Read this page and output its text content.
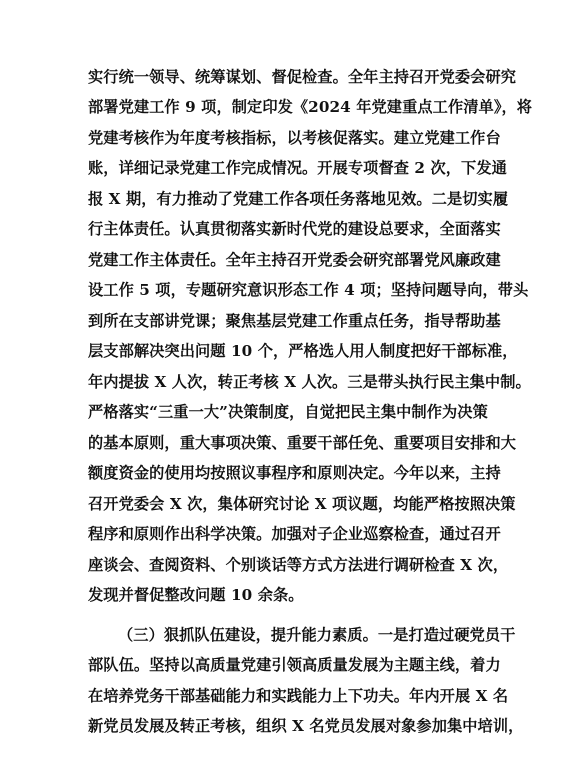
实行统一领导、统筹谋划、督促检查。全年主持召开党委会研究
部署党建工作 9 项，制定印发《2024 年党建重点工作清单》，将
党建考核作为年度考核指标，以考核促落实。建立党建工作台
账，详细记录党建工作完成情况。开展专项督查 2 次，下发通
报 X 期，有力推动了党建工作各项任务落地见效。二是切实履
行主体责任。认真贯彻落实新时代党的建设总要求，全面落实
党建工作主体责任。全年主持召开党委会研究部署党风廉政建
设工作 5 项，专题研究意识形态工作 4 项；坚持问题导向，带头
到所在支部讲党课；聚焦基层党建工作重点任务，指导帮助基
层支部解决突出问题 10 个，严格选人用人制度把好干部标准，
年内提拔 X 人次，转正考核 X 人次。三是带头执行民主集中制。
严格落实“三重一大”决策制度，自觉把民主集中制作为决策
的基本原则，重大事项决策、重要干部任免、重要项目安排和大
额度资金的使用均按照议事程序和原则决定。今年以来，主持
召开党委会 X 次，集体研究讨论 X 项议题，均能严格按照决策
程序和原则作出科学决策。加强对子企业巡察检查，通过召开
座谈会、查阅资料、个别谈话等方式方法进行调研检查 X 次，
发现并督促整改问题 10 余条。
（三）狠抓队伍建设，提升能力素质。一是打造过硬党员干
部队伍。坚持以高质量党建引领高质量发展为主题主线，着力
在培养党务干部基础能力和实践能力上下功夫。年内开展 X 名
新党员发展及转正考核，组织 X 名党员发展对象参加集中培训，
